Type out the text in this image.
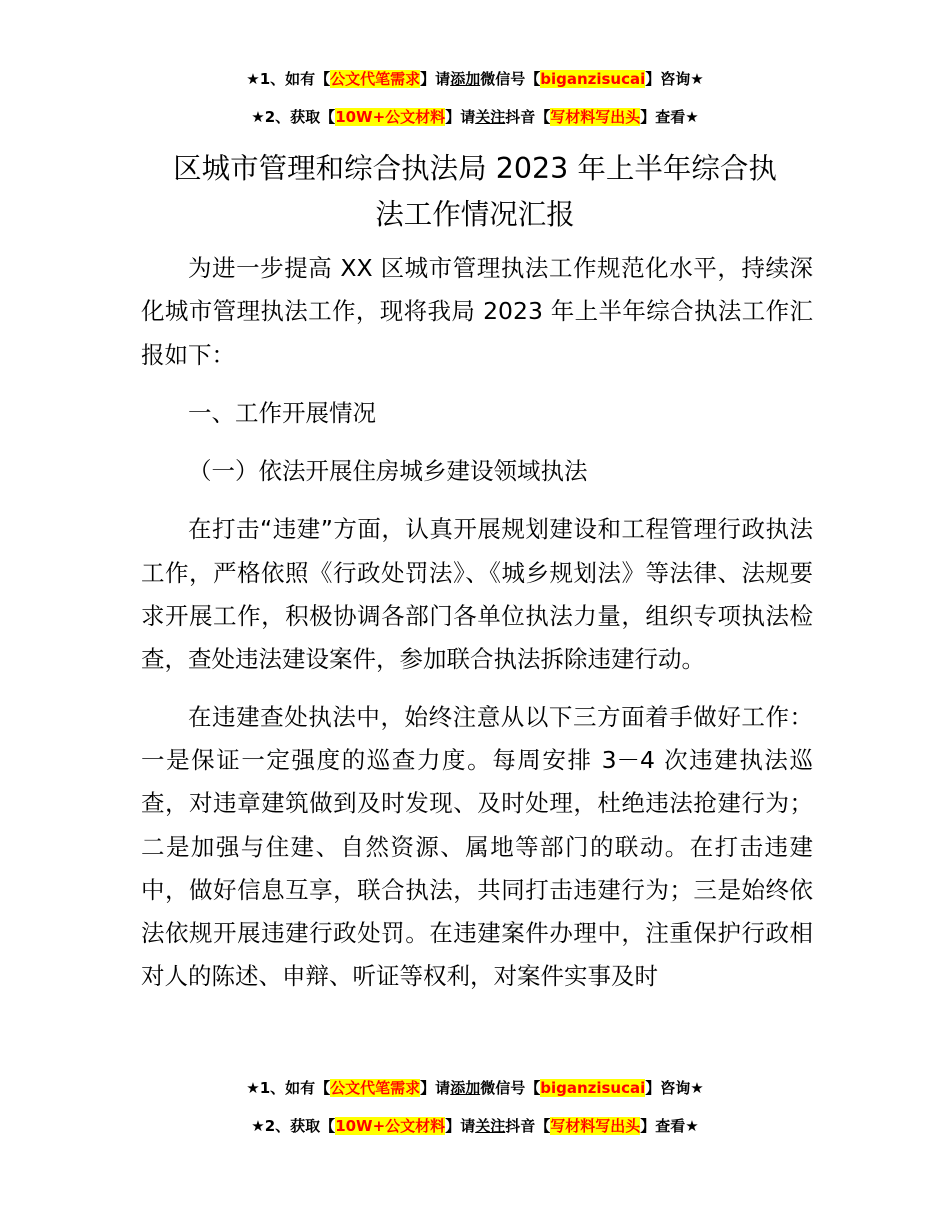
★1、如有【公文代笔需求】请添加微信号【biganzisucai】咨询★
★2、获取【10W+公文材料】请关注抖音【写材料写出头】查看★
区城市管理和综合执法局 2023 年上半年综合执
法工作情况汇报

为进一步提高 XX 区城市管理执法工作规范化水平，持续深化城市管理执法工作，现将我局 2023 年上半年综合执法工作汇报如下：

一、工作开展情况

（一）依法开展住房城乡建设领域执法

在打击“违建”方面，认真开展规划建设和工程管理行政执法工作，严格依照《行政处罚法》、《城乡规划法》等法律、法规要求开展工作，积极协调各部门各单位执法力量，组织专项执法检查，查处违法建设案件，参加联合执法拆除违建行动。

在违建查处执法中，始终注意从以下三方面着手做好工作：一是保证一定强度的巡查力度。每周安排 3－4 次违建执法巡查，对违章建筑做到及时发现、及时处理，杜绝违法抢建行为；二是加强与住建、自然资源、属地等部门的联动。在打击违建中，做好信息互享，联合执法，共同打击违建行为；三是始终依法依规开展违建行政处罚。在违建案件办理中，注重保护行政相对人的陈述、申辩、听证等权利，对案件实事及时

★1、如有【公文代笔需求】请添加微信号【biganzisucai】咨询★
★2、获取【10W+公文材料】请关注抖音【写材料写出头】查看★
